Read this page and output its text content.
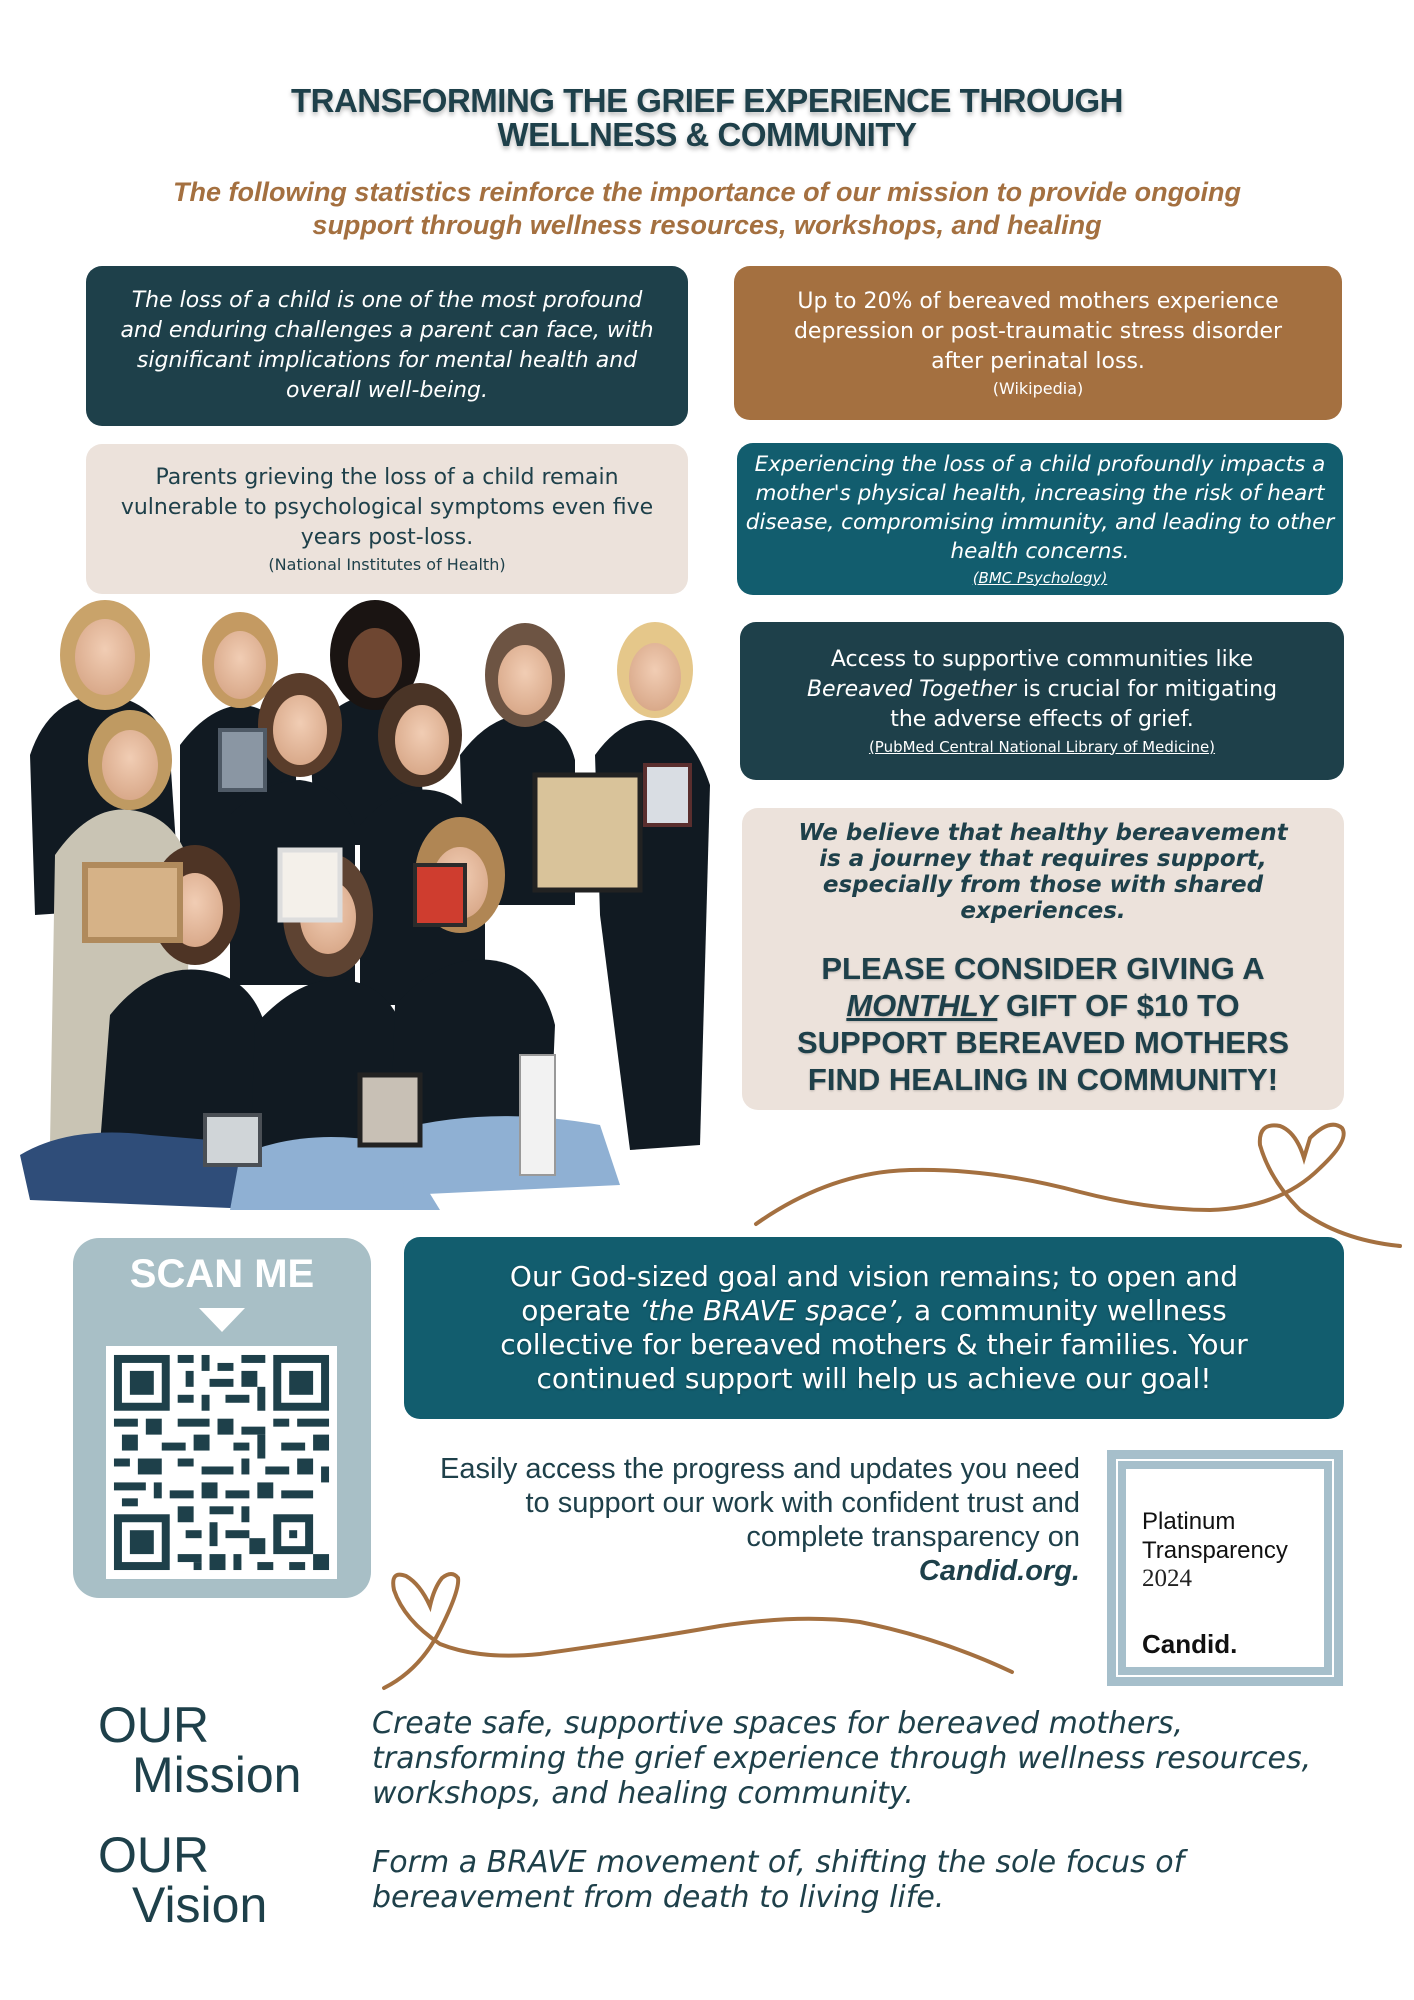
TRANSFORMING THE GRIEF EXPERIENCE THROUGH
WELLNESS & COMMUNITY
The following statistics reinforce the importance of our mission to provide ongoing
support through wellness resources, workshops, and healing
The loss of a child is one of the most profound and enduring challenges a parent can face, with significant implications for mental health and overall well-being.
Up to 20% of bereaved mothers experience depression or post-traumatic stress disorder after perinatal loss.
(Wikipedia)
Parents grieving the loss of a child remain vulnerable to psychological symptoms even five years post-loss.
(National Institutes of Health)
Experiencing the loss of a child profoundly impacts a mother's physical health, increasing the risk of heart disease, compromising immunity, and leading to other health concerns.
(BMC Psychology)
Access to supportive communities like Bereaved Together is crucial for mitigating the adverse effects of grief.
(PubMed Central National Library of Medicine)
We believe that healthy bereavement is a journey that requires support, especially from those with shared experiences.
PLEASE CONSIDER GIVING A
MONTHLY GIFT OF $10 TO
SUPPORT BEREAVED MOTHERS
FIND HEALING IN COMMUNITY!
SCAN ME	Our God-sized goal and vision remains; to open and operate ‘the BRAVE space’, a community wellness collective for bereaved mothers & their families. Your continued support will help us achieve our goal!
Easily access the progress and updates you need to support our work with confident trust and complete transparency on
Candid.org.
Platinum
Transparency
2024
Candid.
OUR
Mission
Create safe, supportive spaces for bereaved mothers, transforming the grief experience through wellness resources, workshops, and healing community.
OUR
Vision
Form a BRAVE movement of, shifting the sole focus of bereavement from death to living life.
